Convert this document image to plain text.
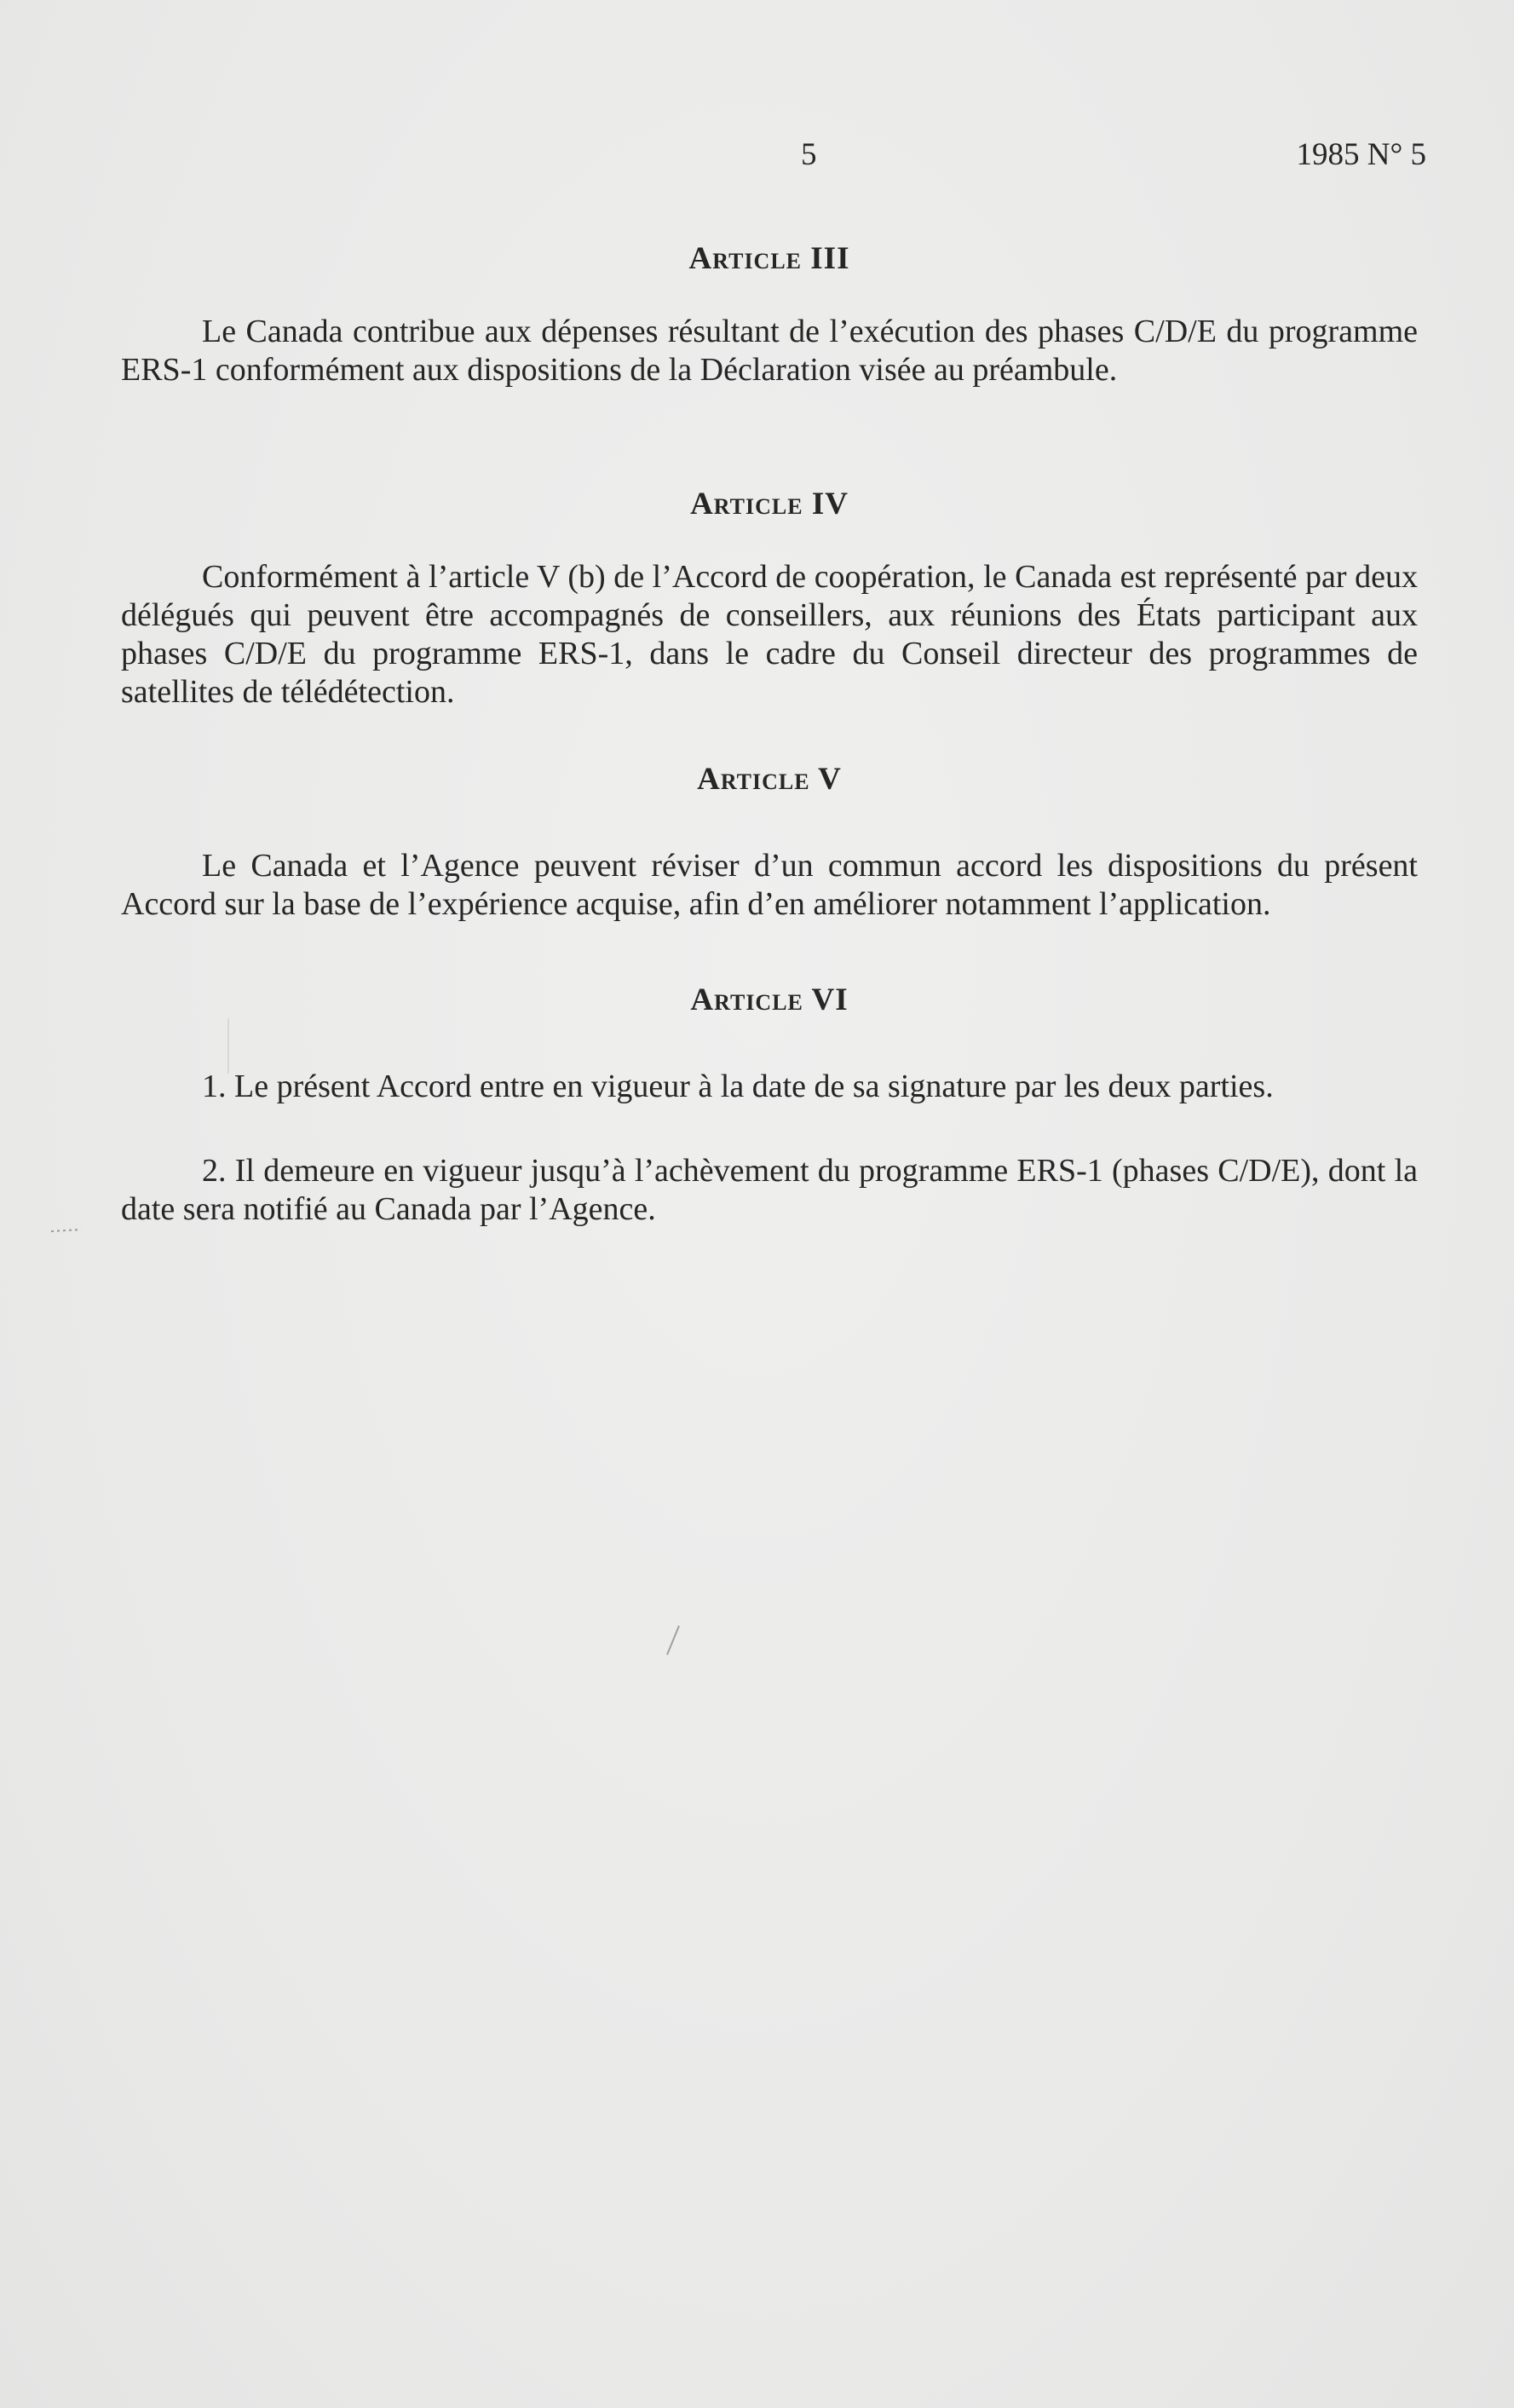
5	1985 N° 5
Article III

Le Canada contribue aux dépenses résultant de l’exécution des phases C/D/E du programme ERS-1 conformément aux dispositions de la Déclaration visée au préambule.

Article IV

Conformément à l’article V (b) de l’Accord de coopération, le Canada est représenté par deux délégués qui peuvent être accompagnés de conseillers, aux réunions des États participant aux phases C/D/E du programme ERS-1, dans le cadre du Conseil directeur des programmes de satellites de télédétection.

Article V

Le Canada et l’Agence peuvent réviser d’un commun accord les dispositions du présent Accord sur la base de l’expérience acquise, afin d’en améliorer notamment l’application.

Article VI

1. Le présent Accord entre en vigueur à la date de sa signature par les deux parties.

2. Il demeure en vigueur jusqu’à l’achèvement du programme ERS-1 (phases C/D/E), dont la date sera notifié au Canada par l’Agence.
